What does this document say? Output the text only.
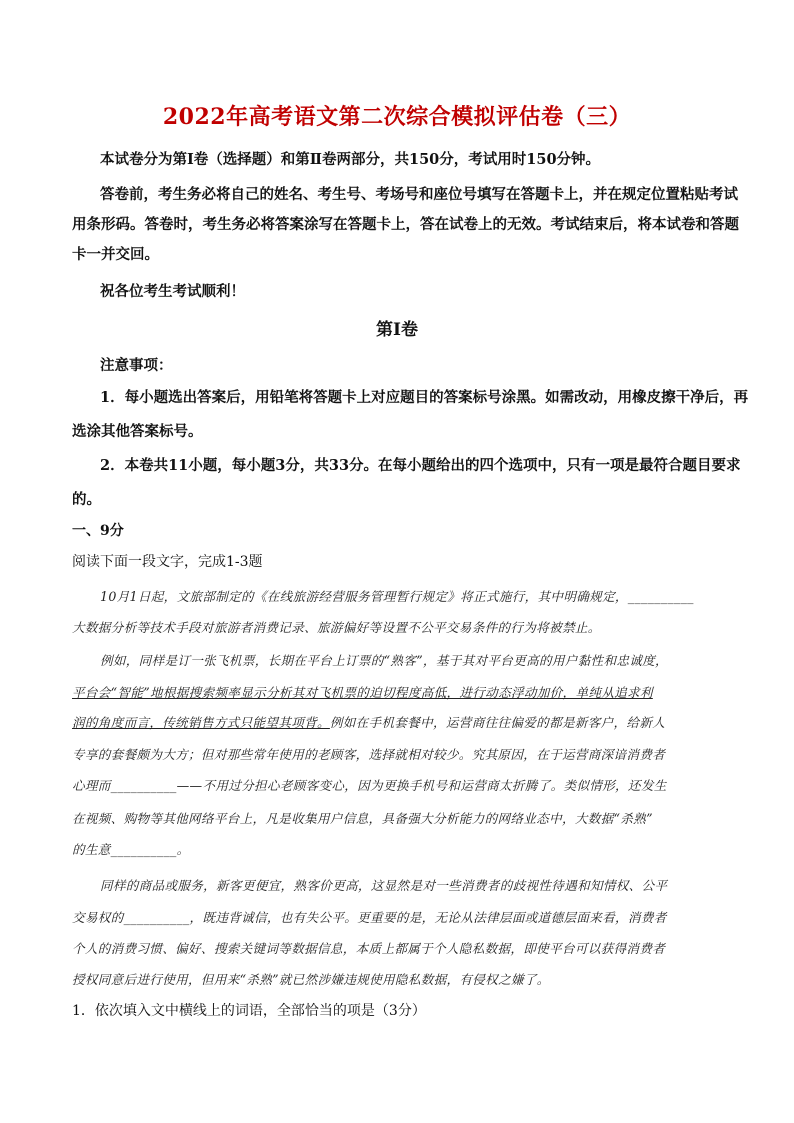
2022年高考语文第二次综合模拟评估卷（三）
本试卷分为第Ⅰ卷（选择题）和第Ⅱ卷两部分，共150分，考试用时150分钟。
答卷前，考生务必将自己的姓名、考生号、考场号和座位号填写在答题卡上，并在规定位置粘贴考试
用条形码。答卷时，考生务必将答案涂写在答题卡上，答在试卷上的无效。考试结束后，将本试卷和答题
卡一并交回。
祝各位考生考试顺利！
第Ⅰ卷
注意事项：
1．每小题选出答案后，用铅笔将答题卡上对应题目的答案标号涂黑。如需改动，用橡皮擦干净后，再
选涂其他答案标号。
2．本卷共11小题，每小题3分，共33分。在每小题给出的四个选项中，只有一项是最符合题目要求
的。
一、9分
阅读下面一段文字，完成1-3题
10月1日起，文旅部制定的《在线旅游经营服务管理暂行规定》将正式施行，其中明确规定，__________
大数据分析等技术手段对旅游者消费记录、旅游偏好等设置不公平交易条件的行为将被禁止。
例如，同样是订一张飞机票，长期在平台上订票的“熟客”，基于其对平台更高的用户黏性和忠诚度，
平台会“智能”地根据搜索频率显示分析其对飞机票的迫切程度高低，进行动态浮动加价，单纯从追求利
润的角度而言，传统销售方式只能望其项背。例如在手机套餐中，运营商往往偏爱的都是新客户，给新人
专享的套餐颇为大方；但对那些常年使用的老顾客，选择就相对较少。究其原因，在于运营商深谙消费者
心理而__________——不用过分担心老顾客变心，因为更换手机号和运营商太折腾了。类似情形，还发生
在视频、购物等其他网络平台上，凡是收集用户信息，具备强大分析能力的网络业态中，大数据“杀熟”
的生意__________。
同样的商品或服务，新客更便宜，熟客价更高，这显然是对一些消费者的歧视性待遇和知情权、公平
交易权的__________，既违背诚信，也有失公平。更重要的是，无论从法律层面或道德层面来看，消费者
个人的消费习惯、偏好、搜索关键词等数据信息，本质上都属于个人隐私数据，即使平台可以获得消费者
授权同意后进行使用，但用来“杀熟”就已然涉嫌违规使用隐私数据，有侵权之嫌了。
1．依次填入文中横线上的词语，全部恰当的项是（3分）
